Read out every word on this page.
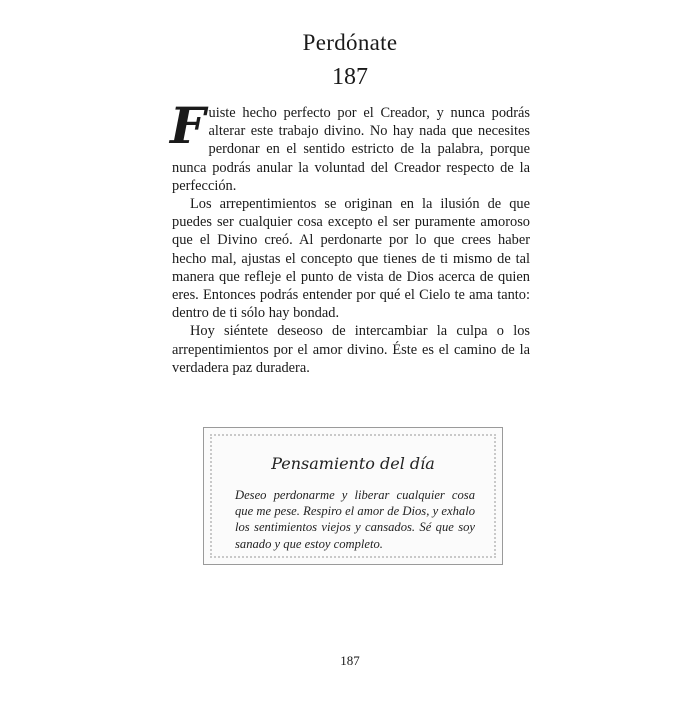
Perdónate
187

Fuiste hecho perfecto por el Creador, y nunca podrás alterar este trabajo divino. No hay nada que necesites perdonar en el sentido estricto de la palabra, porque nunca podrás anular la voluntad del Creador respecto de la perfección.

Los arrepentimientos se originan en la ilusión de que puedes ser cualquier cosa excepto el ser puramente amoroso que el Divino creó. Al perdonarte por lo que crees haber hecho mal, ajustas el concepto que tienes de ti mismo de tal manera que refleje el punto de vista de Dios acerca de quien eres. Entonces podrás entender por qué el Cielo te ama tanto: dentro de ti sólo hay bondad.

Hoy siéntete deseoso de intercambiar la culpa o los arrepentimientos por el amor divino. Éste es el camino de la verdadera paz duradera.

Pensamiento del día
Deseo perdonarme y liberar cualquier cosa que me pese. Respiro el amor de Dios, y exhalo los sentimientos viejos y cansados. Sé que soy sanado y que estoy completo.
187
